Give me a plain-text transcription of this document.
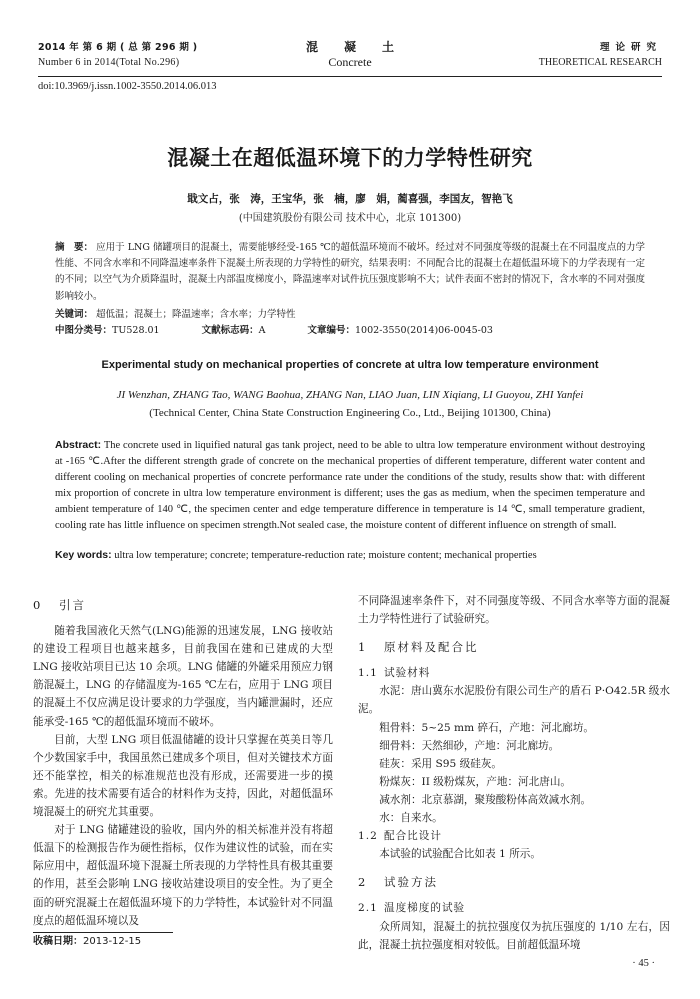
2014 年 第 6 期 ( 总 第 296 期 )
Number 6 in 2014(Total No.296)
混凝土
Concrete
理论研究
THEORETICAL RESEARCH
doi:10.3969/j.issn.1002-3550.2014.06.013
混凝土在超低温环境下的力学特性研究
戢文占，张　涛，王宝华，张　楠，廖　娟，蔺喜强，李国友，智艳飞
(中国建筑股份有限公司 技术中心，北京 101300)
摘　要： 应用于 LNG 储罐项目的混凝土，需要能够经受-165 ℃的超低温环境而不破坏。经过对不同强度等级的混凝土在不同温度点的力学性能、不同含水率和不同降温速率条件下混凝土所表现的力学特性的研究，结果表明：不同配合比的混凝土在超低温环境下的力学表现有一定的不同；以空气为介质降温时，混凝土内部温度梯度小，降温速率对试件抗压强度影响不大；试件表面不密封的情况下，含水率的不同对强度影响较小。
关键词： 超低温；混凝土；降温速率；含水率；力学特性
中图分类号：TU528.01	文献标志码：A	文章编号：1002-3550(2014)06-0045-03
Experimental study on mechanical properties of concrete at ultra low temperature environment
JI Wenzhan, ZHANG Tao, WANG Baohua, ZHANG Nan, LIAO Juan, LIN Xiqiang, LI Guoyou, ZHI Yanfei
(Technical Center, China State Construction Engineering Co., Ltd., Beijing 101300, China)
Abstract: The concrete used in liquified natural gas tank project, need to be able to ultra low temperature environment without destroying at -165 ℃.After the different strength grade of concrete on the mechanical properties of different temperature, different water content and different cooling on mechanical properties of concrete performance rate under the conditions of the study, results show that: with different mix proportion of concrete in ultra low temperature environment is different; uses the gas as medium, when the specimen temperature and ambient temperature of 140 ℃, the specimen center and edge temperature difference in temperature is 14 ℃, small temperature gradient, cooling rate has little influence on specimen strength.Not sealed case, the moisture content of different influence on strength of small.
Key words: ultra low temperature; concrete; temperature-reduction rate; moisture content; mechanical properties
0 引言

随着我国液化天然气(LNG)能源的迅速发展，LNG 接收站的建设工程项目也越来越多，目前我国在建和已建成的大型 LNG 接收站项目已达 10 余项。LNG 储罐的外罐采用预应力钢筋混凝土，LNG 的存储温度为-165 ℃左右，应用于 LNG 项目的混凝土不仅应满足设计要求的力学强度，当内罐泄漏时，还应能承受-165 ℃的超低温环境而不破坏。

目前，大型 LNG 项目低温储罐的设计只掌握在英美日等几个少数国家手中，我国虽然已建成多个项目，但对关键技术方面还不能掌控，相关的标准规范也没有形成，还需要进一步的摸索。先进的技术需要有适合的材料作为支持，因此，对超低温环境混凝土的研究尤其重要。

对于 LNG 储罐建设的验收，国内外的相关标准并没有将超低温下的检测报告作为硬性指标，仅作为建议性的试验，而在实际应用中，超低温环境下混凝土所表现的力学特性具有极其重要的作用，甚至会影响 LNG 接收站建设项目的安全性。为了更全面的研究混凝土在超低温环境下的力学特性，本试验针对不同温度点的超低温环境以及

收稿日期：2013-12-15

不同降温速率条件下，对不同强度等级、不同含水率等方面的混凝土力学特性进行了试验研究。

1 原材料及配合比
1.1 试验材料

水泥：唐山冀东水泥股份有限公司生产的盾石 P·O42.5R 级水泥。

粗骨料：5~25 mm 碎石，产地：河北廊坊。

细骨料：天然细砂，产地：河北廊坊。

硅灰：采用 S95 级硅灰。

粉煤灰：II 级粉煤灰，产地：河北唐山。

减水剂：北京慕湖，聚羧酸粉体高效减水剂。

水：自来水。

1.2 配合比设计

本试验的试验配合比如表 1 所示。

2 试验方法
2.1 温度梯度的试验

众所周知，混凝土的抗拉强度仅为抗压强度的 1/10 左右，因此，混凝土抗拉强度相对较低。目前超低温环境

· 45 ·
